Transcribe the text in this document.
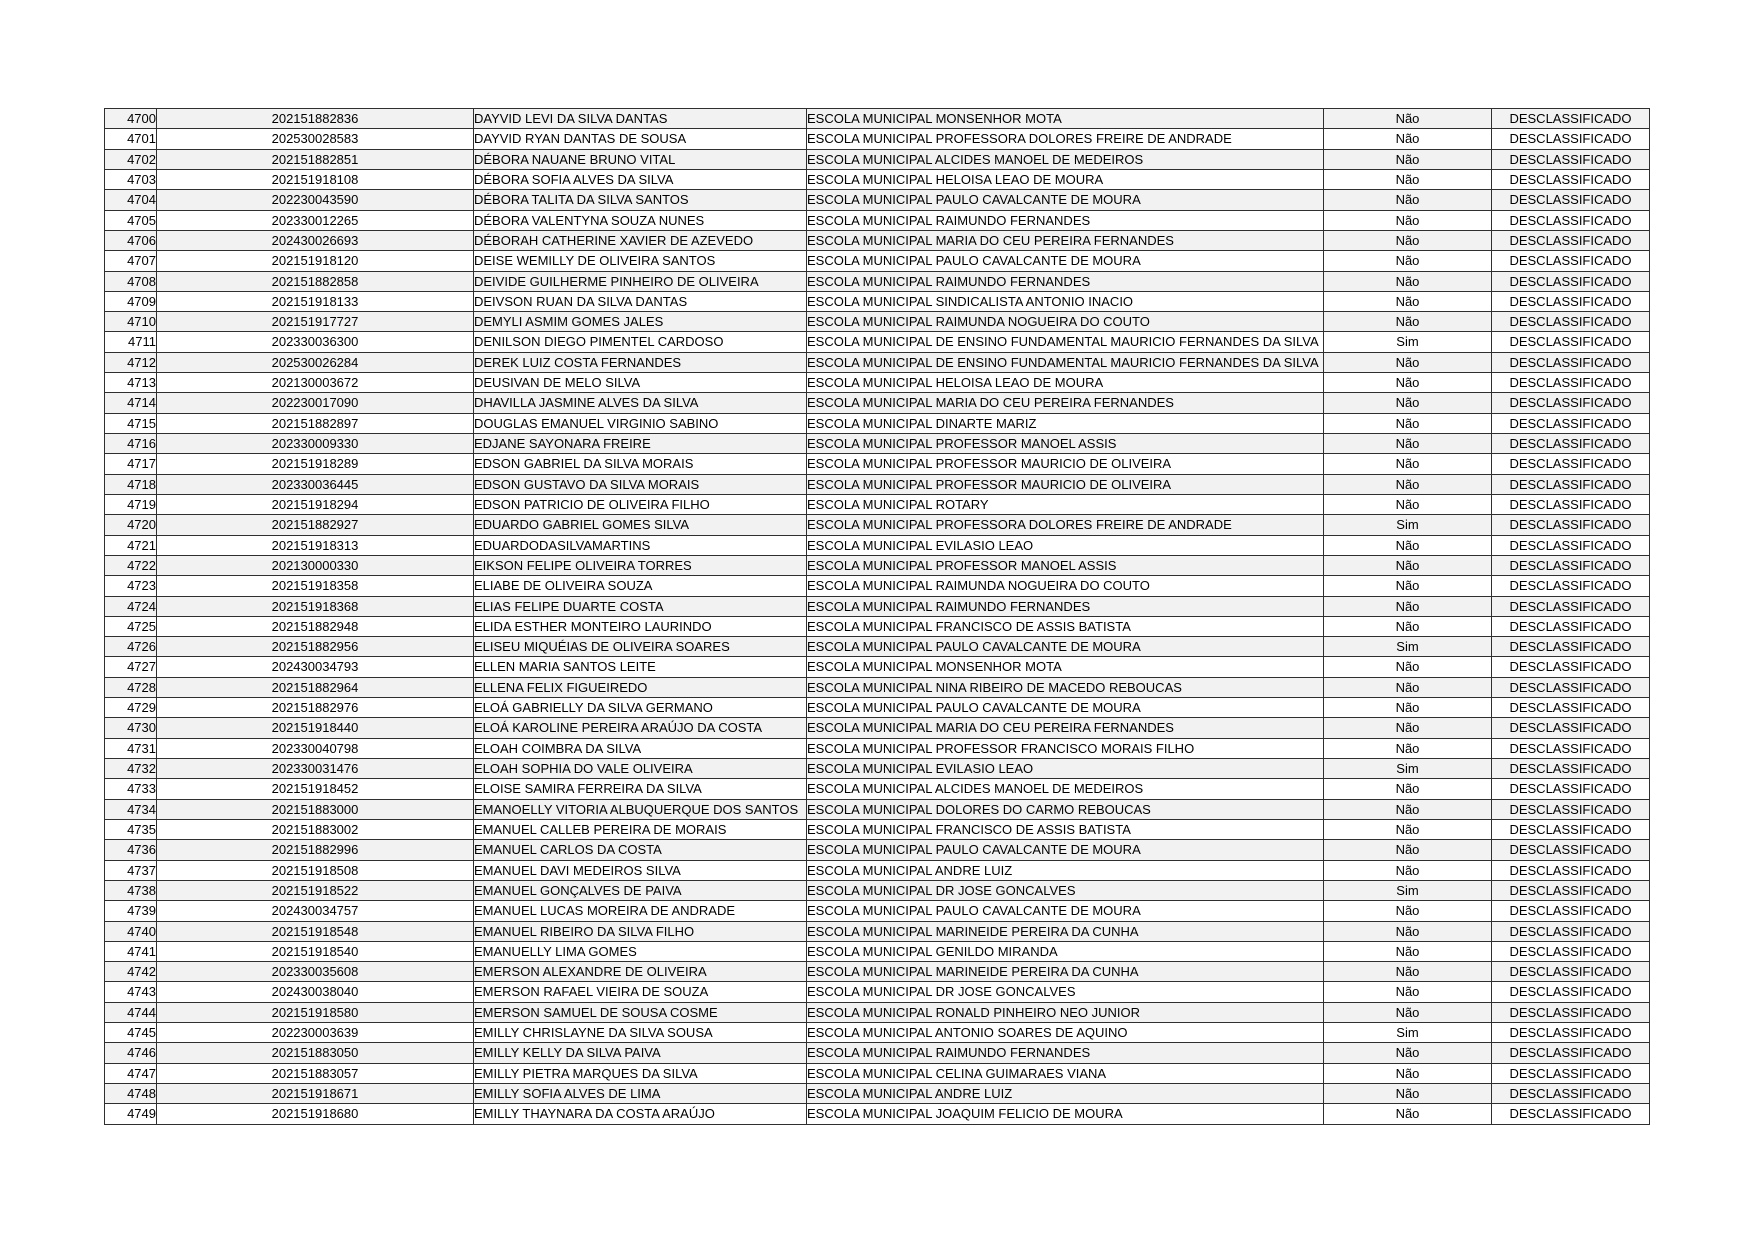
4700	202151882836	DAYVID LEVI DA SILVA DANTAS	ESCOLA MUNICIPAL MONSENHOR MOTA	Não	DESCLASSIFICADO
4701	202530028583	DAYVID RYAN DANTAS DE SOUSA	ESCOLA MUNICIPAL PROFESSORA DOLORES FREIRE DE ANDRADE	Não	DESCLASSIFICADO
4702	202151882851	DÉBORA NAUANE BRUNO VITAL	ESCOLA MUNICIPAL ALCIDES MANOEL DE MEDEIROS	Não	DESCLASSIFICADO
4703	202151918108	DÉBORA SOFIA ALVES DA SILVA	ESCOLA MUNICIPAL HELOISA LEAO DE MOURA	Não	DESCLASSIFICADO
4704	202230043590	DÉBORA TALITA DA SILVA SANTOS	ESCOLA MUNICIPAL PAULO CAVALCANTE DE MOURA	Não	DESCLASSIFICADO
4705	202330012265	DÉBORA VALENTYNA SOUZA NUNES	ESCOLA MUNICIPAL RAIMUNDO FERNANDES	Não	DESCLASSIFICADO
4706	202430026693	DÉBORAH CATHERINE XAVIER DE AZEVEDO	ESCOLA MUNICIPAL MARIA DO CEU PEREIRA FERNANDES	Não	DESCLASSIFICADO
4707	202151918120	DEISE WEMILLY DE OLIVEIRA SANTOS	ESCOLA MUNICIPAL PAULO CAVALCANTE DE MOURA	Não	DESCLASSIFICADO
4708	202151882858	DEIVIDE GUILHERME PINHEIRO DE OLIVEIRA	ESCOLA MUNICIPAL RAIMUNDO FERNANDES	Não	DESCLASSIFICADO
4709	202151918133	DEIVSON RUAN DA SILVA DANTAS	ESCOLA MUNICIPAL SINDICALISTA ANTONIO INACIO	Não	DESCLASSIFICADO
4710	202151917727	DEMYLI ASMIM GOMES JALES	ESCOLA MUNICIPAL RAIMUNDA NOGUEIRA DO COUTO	Não	DESCLASSIFICADO
4711	202330036300	DENILSON DIEGO PIMENTEL CARDOSO	ESCOLA MUNICIPAL DE ENSINO FUNDAMENTAL MAURICIO FERNANDES DA SILVA	Sim	DESCLASSIFICADO
4712	202530026284	DEREK LUIZ COSTA FERNANDES	ESCOLA MUNICIPAL DE ENSINO FUNDAMENTAL MAURICIO FERNANDES DA SILVA	Não	DESCLASSIFICADO
4713	202130003672	DEUSIVAN DE MELO SILVA	ESCOLA MUNICIPAL HELOISA LEAO DE MOURA	Não	DESCLASSIFICADO
4714	202230017090	DHAVILLA JASMINE ALVES DA SILVA	ESCOLA MUNICIPAL MARIA DO CEU PEREIRA FERNANDES	Não	DESCLASSIFICADO
4715	202151882897	DOUGLAS EMANUEL VIRGINIO SABINO	ESCOLA MUNICIPAL DINARTE MARIZ	Não	DESCLASSIFICADO
4716	202330009330	EDJANE SAYONARA FREIRE	ESCOLA MUNICIPAL PROFESSOR MANOEL ASSIS	Não	DESCLASSIFICADO
4717	202151918289	EDSON GABRIEL DA SILVA MORAIS	ESCOLA MUNICIPAL PROFESSOR MAURICIO DE OLIVEIRA	Não	DESCLASSIFICADO
4718	202330036445	EDSON GUSTAVO DA SILVA MORAIS	ESCOLA MUNICIPAL PROFESSOR MAURICIO DE OLIVEIRA	Não	DESCLASSIFICADO
4719	202151918294	EDSON PATRICIO DE OLIVEIRA FILHO	ESCOLA MUNICIPAL ROTARY	Não	DESCLASSIFICADO
4720	202151882927	EDUARDO GABRIEL GOMES SILVA	ESCOLA MUNICIPAL PROFESSORA DOLORES FREIRE DE ANDRADE	Sim	DESCLASSIFICADO
4721	202151918313	EDUARDODASILVAMARTINS	ESCOLA MUNICIPAL EVILASIO LEAO	Não	DESCLASSIFICADO
4722	202130000330	EIKSON FELIPE OLIVEIRA TORRES	ESCOLA MUNICIPAL PROFESSOR MANOEL ASSIS	Não	DESCLASSIFICADO
4723	202151918358	ELIABE DE OLIVEIRA SOUZA	ESCOLA MUNICIPAL RAIMUNDA NOGUEIRA DO COUTO	Não	DESCLASSIFICADO
4724	202151918368	ELIAS FELIPE DUARTE COSTA	ESCOLA MUNICIPAL RAIMUNDO FERNANDES	Não	DESCLASSIFICADO
4725	202151882948	ELIDA ESTHER MONTEIRO LAURINDO	ESCOLA MUNICIPAL FRANCISCO DE ASSIS BATISTA	Não	DESCLASSIFICADO
4726	202151882956	ELISEU MIQUÉIAS DE OLIVEIRA SOARES	ESCOLA MUNICIPAL PAULO CAVALCANTE DE MOURA	Sim	DESCLASSIFICADO
4727	202430034793	ELLEN MARIA SANTOS LEITE	ESCOLA MUNICIPAL MONSENHOR MOTA	Não	DESCLASSIFICADO
4728	202151882964	ELLENA FELIX FIGUEIREDO	ESCOLA MUNICIPAL NINA RIBEIRO DE MACEDO REBOUCAS	Não	DESCLASSIFICADO
4729	202151882976	ELOÁ GABRIELLY DA SILVA GERMANO	ESCOLA MUNICIPAL PAULO CAVALCANTE DE MOURA	Não	DESCLASSIFICADO
4730	202151918440	ELOÁ KAROLINE PEREIRA ARAÚJO DA COSTA	ESCOLA MUNICIPAL MARIA DO CEU PEREIRA FERNANDES	Não	DESCLASSIFICADO
4731	202330040798	ELOAH COIMBRA DA SILVA	ESCOLA MUNICIPAL PROFESSOR FRANCISCO MORAIS FILHO	Não	DESCLASSIFICADO
4732	202330031476	ELOAH SOPHIA DO VALE OLIVEIRA	ESCOLA MUNICIPAL EVILASIO LEAO	Sim	DESCLASSIFICADO
4733	202151918452	ELOISE SAMIRA FERREIRA DA SILVA	ESCOLA MUNICIPAL ALCIDES MANOEL DE MEDEIROS	Não	DESCLASSIFICADO
4734	202151883000	EMANOELLY VITORIA ALBUQUERQUE DOS SANTOS	ESCOLA MUNICIPAL DOLORES DO CARMO REBOUCAS	Não	DESCLASSIFICADO
4735	202151883002	EMANUEL CALLEB PEREIRA DE MORAIS	ESCOLA MUNICIPAL FRANCISCO DE ASSIS BATISTA	Não	DESCLASSIFICADO
4736	202151882996	EMANUEL CARLOS DA COSTA	ESCOLA MUNICIPAL PAULO CAVALCANTE DE MOURA	Não	DESCLASSIFICADO
4737	202151918508	EMANUEL DAVI MEDEIROS SILVA	ESCOLA MUNICIPAL ANDRE LUIZ	Não	DESCLASSIFICADO
4738	202151918522	EMANUEL GONÇALVES DE PAIVA	ESCOLA MUNICIPAL DR JOSE GONCALVES	Sim	DESCLASSIFICADO
4739	202430034757	EMANUEL LUCAS MOREIRA DE ANDRADE	ESCOLA MUNICIPAL PAULO CAVALCANTE DE MOURA	Não	DESCLASSIFICADO
4740	202151918548	EMANUEL RIBEIRO DA SILVA FILHO	ESCOLA MUNICIPAL MARINEIDE PEREIRA DA CUNHA	Não	DESCLASSIFICADO
4741	202151918540	EMANUELLY LIMA GOMES	ESCOLA MUNICIPAL GENILDO MIRANDA	Não	DESCLASSIFICADO
4742	202330035608	EMERSON ALEXANDRE DE OLIVEIRA	ESCOLA MUNICIPAL MARINEIDE PEREIRA DA CUNHA	Não	DESCLASSIFICADO
4743	202430038040	EMERSON RAFAEL VIEIRA DE SOUZA	ESCOLA MUNICIPAL DR JOSE GONCALVES	Não	DESCLASSIFICADO
4744	202151918580	EMERSON SAMUEL DE SOUSA COSME	ESCOLA MUNICIPAL RONALD PINHEIRO NEO JUNIOR	Não	DESCLASSIFICADO
4745	202230003639	EMILLY CHRISLAYNE DA SILVA SOUSA	ESCOLA MUNICIPAL ANTONIO SOARES DE AQUINO	Sim	DESCLASSIFICADO
4746	202151883050	EMILLY KELLY DA SILVA PAIVA	ESCOLA MUNICIPAL RAIMUNDO FERNANDES	Não	DESCLASSIFICADO
4747	202151883057	EMILLY PIETRA MARQUES DA SILVA	ESCOLA MUNICIPAL CELINA GUIMARAES VIANA	Não	DESCLASSIFICADO
4748	202151918671	EMILLY SOFIA ALVES DE LIMA	ESCOLA MUNICIPAL ANDRE LUIZ	Não	DESCLASSIFICADO
4749	202151918680	EMILLY THAYNARA DA COSTA ARAÚJO	ESCOLA MUNICIPAL JOAQUIM FELICIO DE MOURA	Não	DESCLASSIFICADO
